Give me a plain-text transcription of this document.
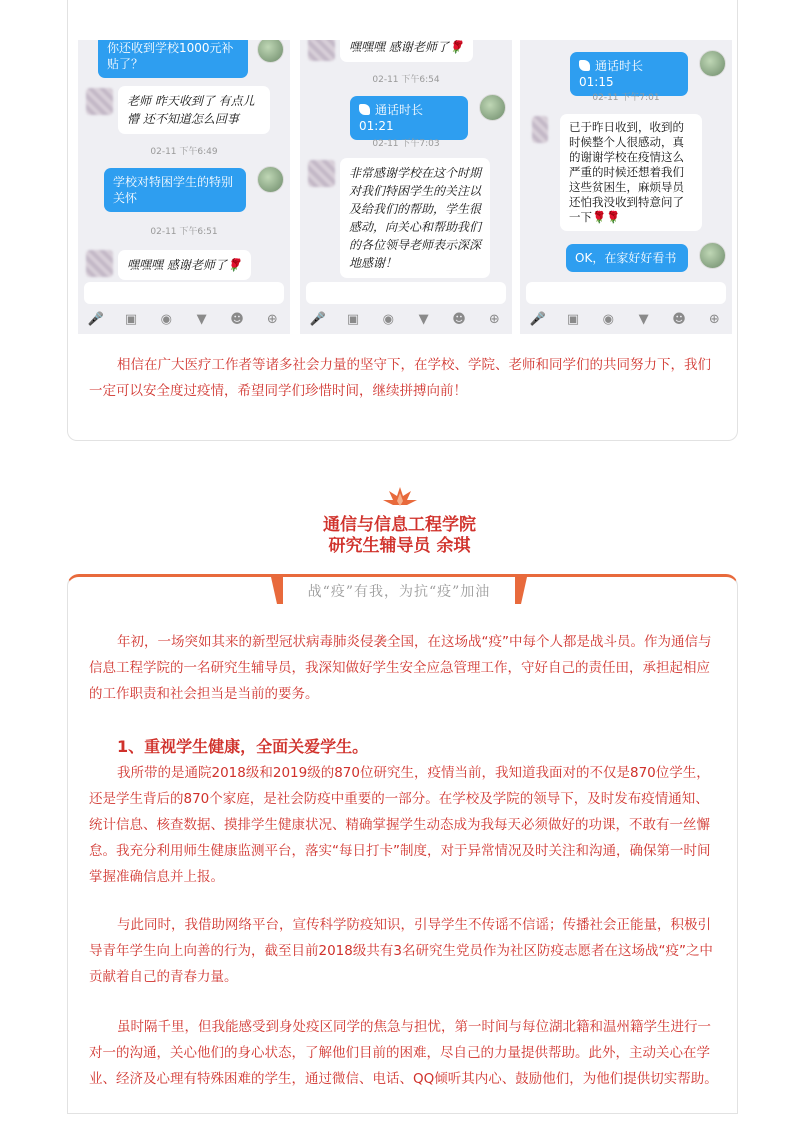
你还收到学校1000元补贴了？
老师 昨天收到了 有点儿懵 还不知道怎么回事
02-11 下午6:49
学校对特困学生的特别关怀
02-11 下午6:51
嘿嘿嘿 感谢老师了🌹
🎤 ▣ ◉	▼	☻ ⊕
嘿嘿嘿 感谢老师了🌹
02-11 下午6:54
通话时长 01:21
02-11 下午7:03
非常感谢学校在这个时期对我们特困学生的关注以及给我们的帮助，学生很感动，向关心和帮助我们的各位领导老师表示深深地感谢！
🎤 ▣ ◉	▼	☻ ⊕
通话时长 01:15
02-11 下午7:01
已于昨日收到，收到的时候整个人很感动，真的谢谢学校在疫情这么严重的时候还想着我们这些贫困生，麻烦导员还怕我没收到特意问了一下🌹🌹
OK，在家好好看书
🎤 ▣ ◉	▼	☻ ⊕

相信在广大医疗工作者等诸多社会力量的坚守下，在学校、学院、老师和同学们的共同努力下，我们一定可以安全度过疫情，希望同学们珍惜时间，继续拼搏向前！

通信与信息工程学院
研究生辅导员 余琪
战“疫”有我，为抗“疫”加油

年初，一场突如其来的新型冠状病毒肺炎侵袭全国，在这场战“疫”中每个人都是战斗员。作为通信与信息工程学院的一名研究生辅导员，我深知做好学生安全应急管理工作，守好自己的责任田，承担起相应的工作职责和社会担当是当前的要务。

1、重视学生健康，全面关爱学生。

我所带的是通院2018级和2019级的870位研究生，疫情当前，我知道我面对的不仅是870位学生，还是学生背后的870个家庭，是社会防疫中重要的一部分。在学校及学院的领导下，及时发布疫情通知、统计信息、核查数据、摸排学生健康状况、精确掌握学生动态成为我每天必须做好的功课，不敢有一丝懈怠。我充分利用师生健康监测平台，落实“每日打卡”制度，对于异常情况及时关注和沟通，确保第一时间掌握准确信息并上报。

与此同时，我借助网络平台，宣传科学防疫知识，引导学生不传谣不信谣；传播社会正能量，积极引导青年学生向上向善的行为，截至目前2018级共有3名研究生党员作为社区防疫志愿者在这场战“疫”之中贡献着自己的青春力量。

虽时隔千里，但我能感受到身处疫区同学的焦急与担忧，第一时间与每位湖北籍和温州籍学生进行一对一的沟通，关心他们的身心状态，了解他们目前的困难，尽自己的力量提供帮助。此外，主动关心在学业、经济及心理有特殊困难的学生，通过微信、电话、QQ倾听其内心、鼓励他们，为他们提供切实帮助。
